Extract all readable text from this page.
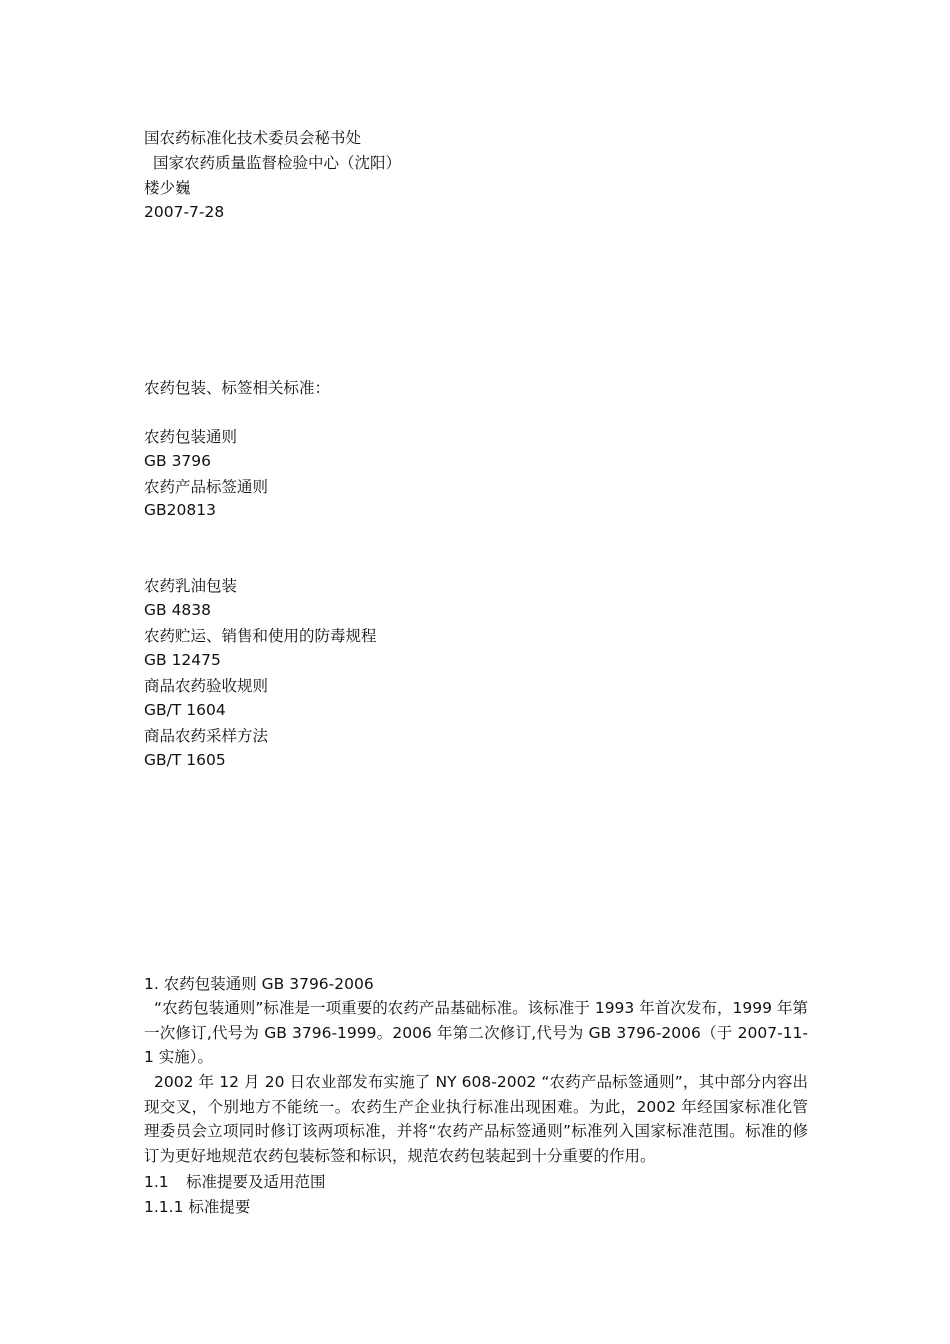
国农药标准化技术委员会秘书处
国家农药质量监督检验中心（沈阳）
楼少巍
2007-7-28
农药包装、标签相关标准：
农药包装通则
GB 3796
农药产品标签通则
GB20813
农药乳油包装
GB 4838
农药贮运、销售和使用的防毒规程
GB 12475
商品农药验收规则
GB/T 1604
商品农药采样方法
GB/T 1605
1. 农药包装通则 GB 3796-2006
“农药包装通则”标准是一项重要的农药产品基础标准。该标准于 1993 年首次发布，1999 年第一次修订,代号为 GB 3796-1999。2006 年第二次修订,代号为 GB 3796-2006（于 2007-11-1 实施）。
2002 年 12 月 20 日农业部发布实施了 NY 608-2002 “农药产品标签通则”，其中部分内容出现交叉，个别地方不能统一。农药生产企业执行标准出现困难。为此，2002 年经国家标准化管理委员会立项同时修订该两项标准，并将“农药产品标签通则”标准列入国家标准范围。标准的修订为更好地规范农药包装标签和标识，规范农药包装起到十分重要的作用。
1.1 标准提要及适用范围
1.1.1 标准提要
